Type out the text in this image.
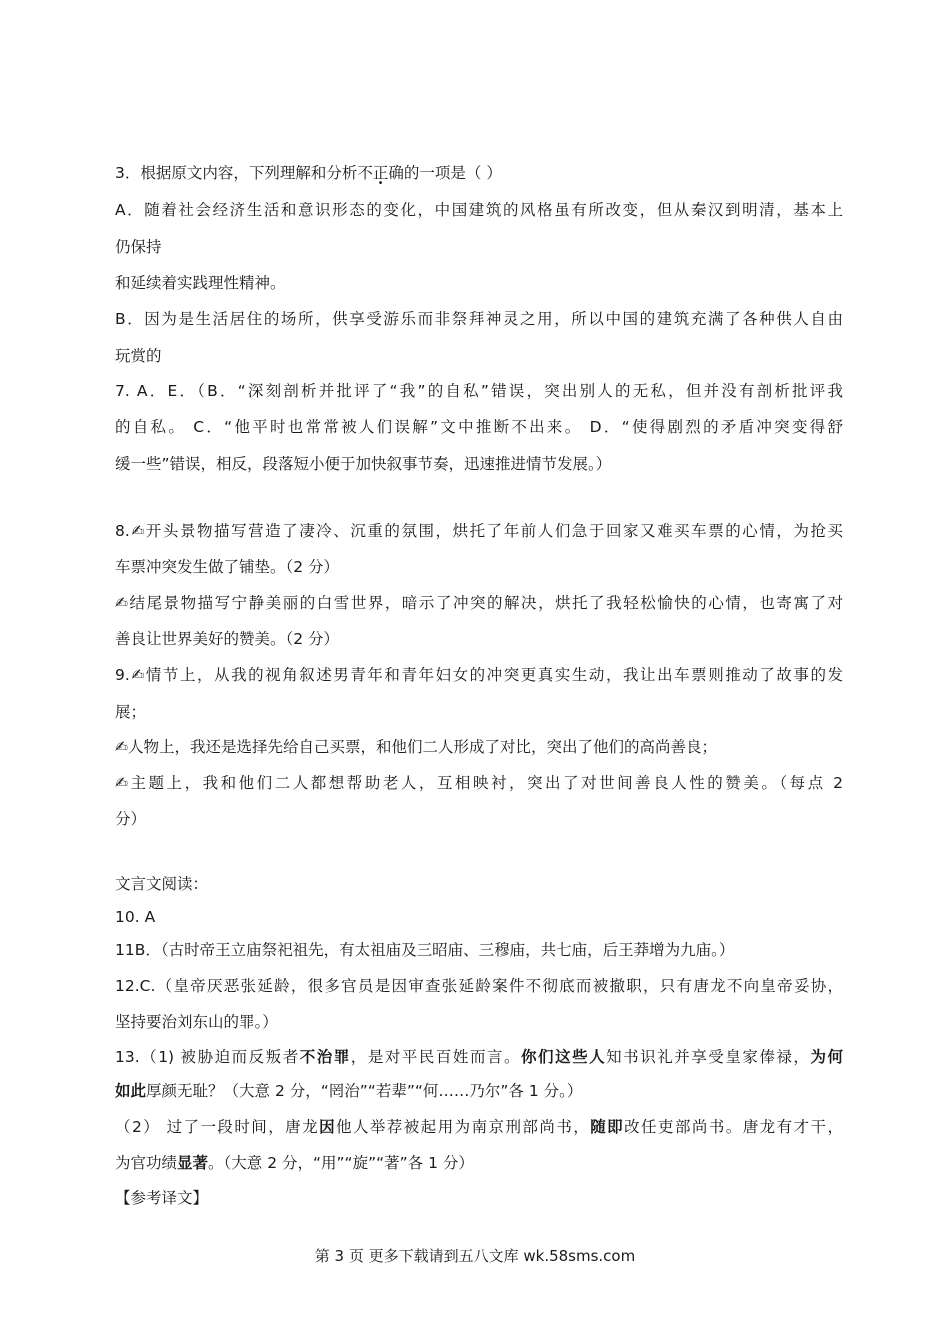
3．根据原文内容，下列理解和分析不正确的一项是（ ）
A．随着社会经济生活和意识形态的变化，中国建筑的风格虽有所改变，但从秦汉到明清，基本上
仍保持
和延续着实践理性精神。
B．因为是生活居住的场所，供享受游乐而非祭拜神灵之用，所以中国的建筑充满了各种供人自由
玩赏的
7. A．E．（B．“深刻剖析并批评了“我”的自私”错误，突出别人的无私，但并没有剖析批评我
的自私。 C．“他平时也常常被人们误解”文中推断不出来。 D．“使得剧烈的矛盾冲突变得舒
缓一些”错误，相反，段落短小便于加快叙事节奏，迅速推进情节发展。）
8.✍开头景物描写营造了凄冷、沉重的氛围，烘托了年前人们急于回家又难买车票的心情，为抢买
车票冲突发生做了铺垫。（2 分）
✍结尾景物描写宁静美丽的白雪世界，暗示了冲突的解决，烘托了我轻松愉快的心情，也寄寓了对
善良让世界美好的赞美。（2 分）
9.✍情节上，从我的视角叙述男青年和青年妇女的冲突更真实生动，我让出车票则推动了故事的发
展；
✍人物上，我还是选择先给自己买票，和他们二人形成了对比，突出了他们的高尚善良；
✍主题上，我和他们二人都想帮助老人，互相映衬，突出了对世间善良人性的赞美。（每点 2
分）
文言文阅读：
10. A
11B．（古时帝王立庙祭祀祖先，有太祖庙及三昭庙、三穆庙，共七庙，后王莽增为九庙。）
12.C.（皇帝厌恶张延龄，很多官员是因审查张延龄案件不彻底而被撤职，只有唐龙不向皇帝妥协，
坚持要治刘东山的罪。）
13.（1) 被胁迫而反叛者不治罪，是对平民百姓而言。你们这些人知书识礼并享受皇家俸禄，为何
如此厚颜无耻？（大意 2 分，“罔治”“若辈”“何……乃尔”各 1 分。）
（2） 过了一段时间，唐龙因他人举荐被起用为南京刑部尚书，随即改任吏部尚书。唐龙有才干，
为官功绩显著。（大意 2 分，“用”“旋”“著”各 1 分）
【参考译文】
第 3 页 更多下载请到五八文库 wk.58sms.com
